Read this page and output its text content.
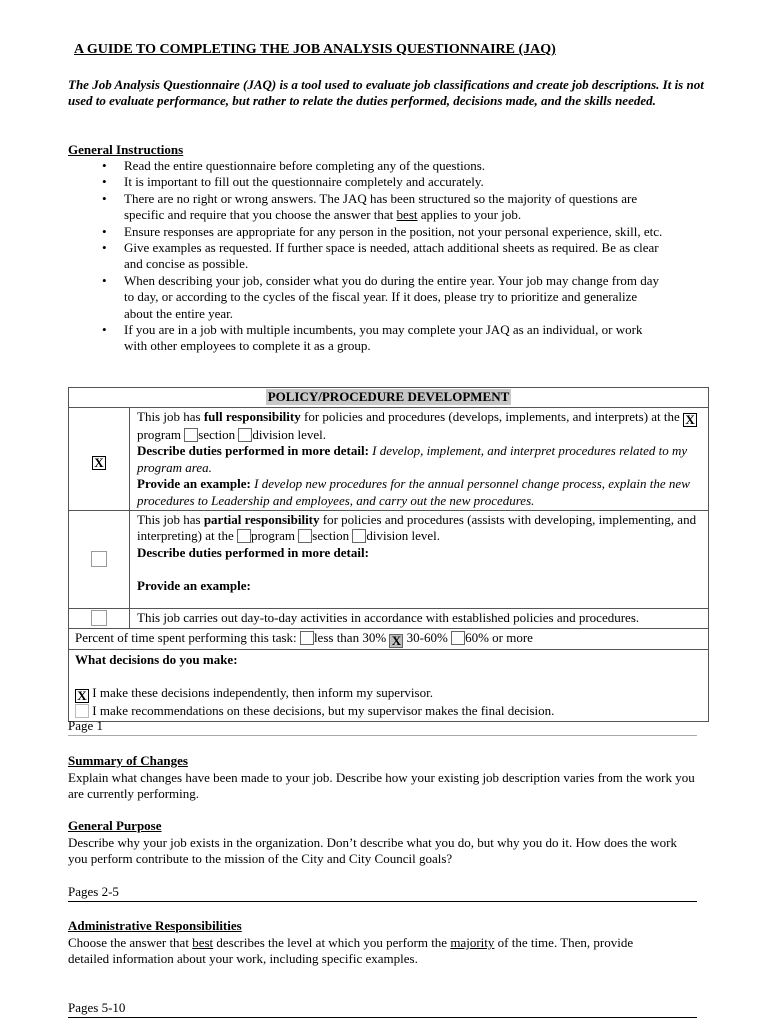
A GUIDE TO COMPLETING THE JOB ANALYSIS QUESTIONNAIRE (JAQ)
The Job Analysis Questionnaire (JAQ) is a tool used to evaluate job classifications and create job descriptions. It is not used to evaluate performance, but rather to relate the duties performed, decisions made, and the skills needed.
General Instructions
• Read the entire questionnaire before completing any of the questions.
• It is important to fill out the questionnaire completely and accurately.
• There are no right or wrong answers. The JAQ has been structured so the majority of questions are specific and require that you choose the answer that best applies to your job.
• Ensure responses are appropriate for any person in the position, not your personal experience, skill, etc.
• Give examples as requested. If further space is needed, attach additional sheets as required. Be as clear and concise as possible.
• When describing your job, consider what you do during the entire year. Your job may change from day to day, or according to the cycles of the fiscal year. If it does, please try to prioritize and generalize about the entire year.
• If you are in a job with multiple incumbents, you may complete your JAQ as an individual, or work with other employees to complete it as a group.
POLICY/PROCEDURE DEVELOPMENT	
X	This job has full responsibility for policies and procedures (develops, implements, and interprets) at the X program section division level.
Describe duties performed in more detail: I develop, implement, and interpret procedures related to my program area.
Provide an example: I develop new procedures for the annual personnel change process, explain the new procedures to Leadership and employees, and carry out the new procedures.
	This job has partial responsibility for policies and procedures (assists with developing, implementing, and interpreting) at the program section division level.
Describe duties performed in more detail:

Provide an example:
	This job carries out day-to-day activities in accordance with established policies and procedures.
Percent of time spent performing this task: less than 30% X 30-60% 60% or more	
What decisions do you make:

X I make these decisions independently, then inform my supervisor.
I make recommendations on these decisions, but my supervisor makes the final decision.	
Page 1
Summary of Changes
Explain what changes have been made to your job. Describe how your existing job description varies from the work you are currently performing.
General Purpose
Describe why your job exists in the organization. Don’t describe what you do, but why you do it. How does the work you perform contribute to the mission of the City and City Council goals?
Pages 2-5
Administrative Responsibilities
Choose the answer that best describes the level at which you perform the majority of the time. Then, provide detailed information about your work, including specific examples.
Pages 5-10
